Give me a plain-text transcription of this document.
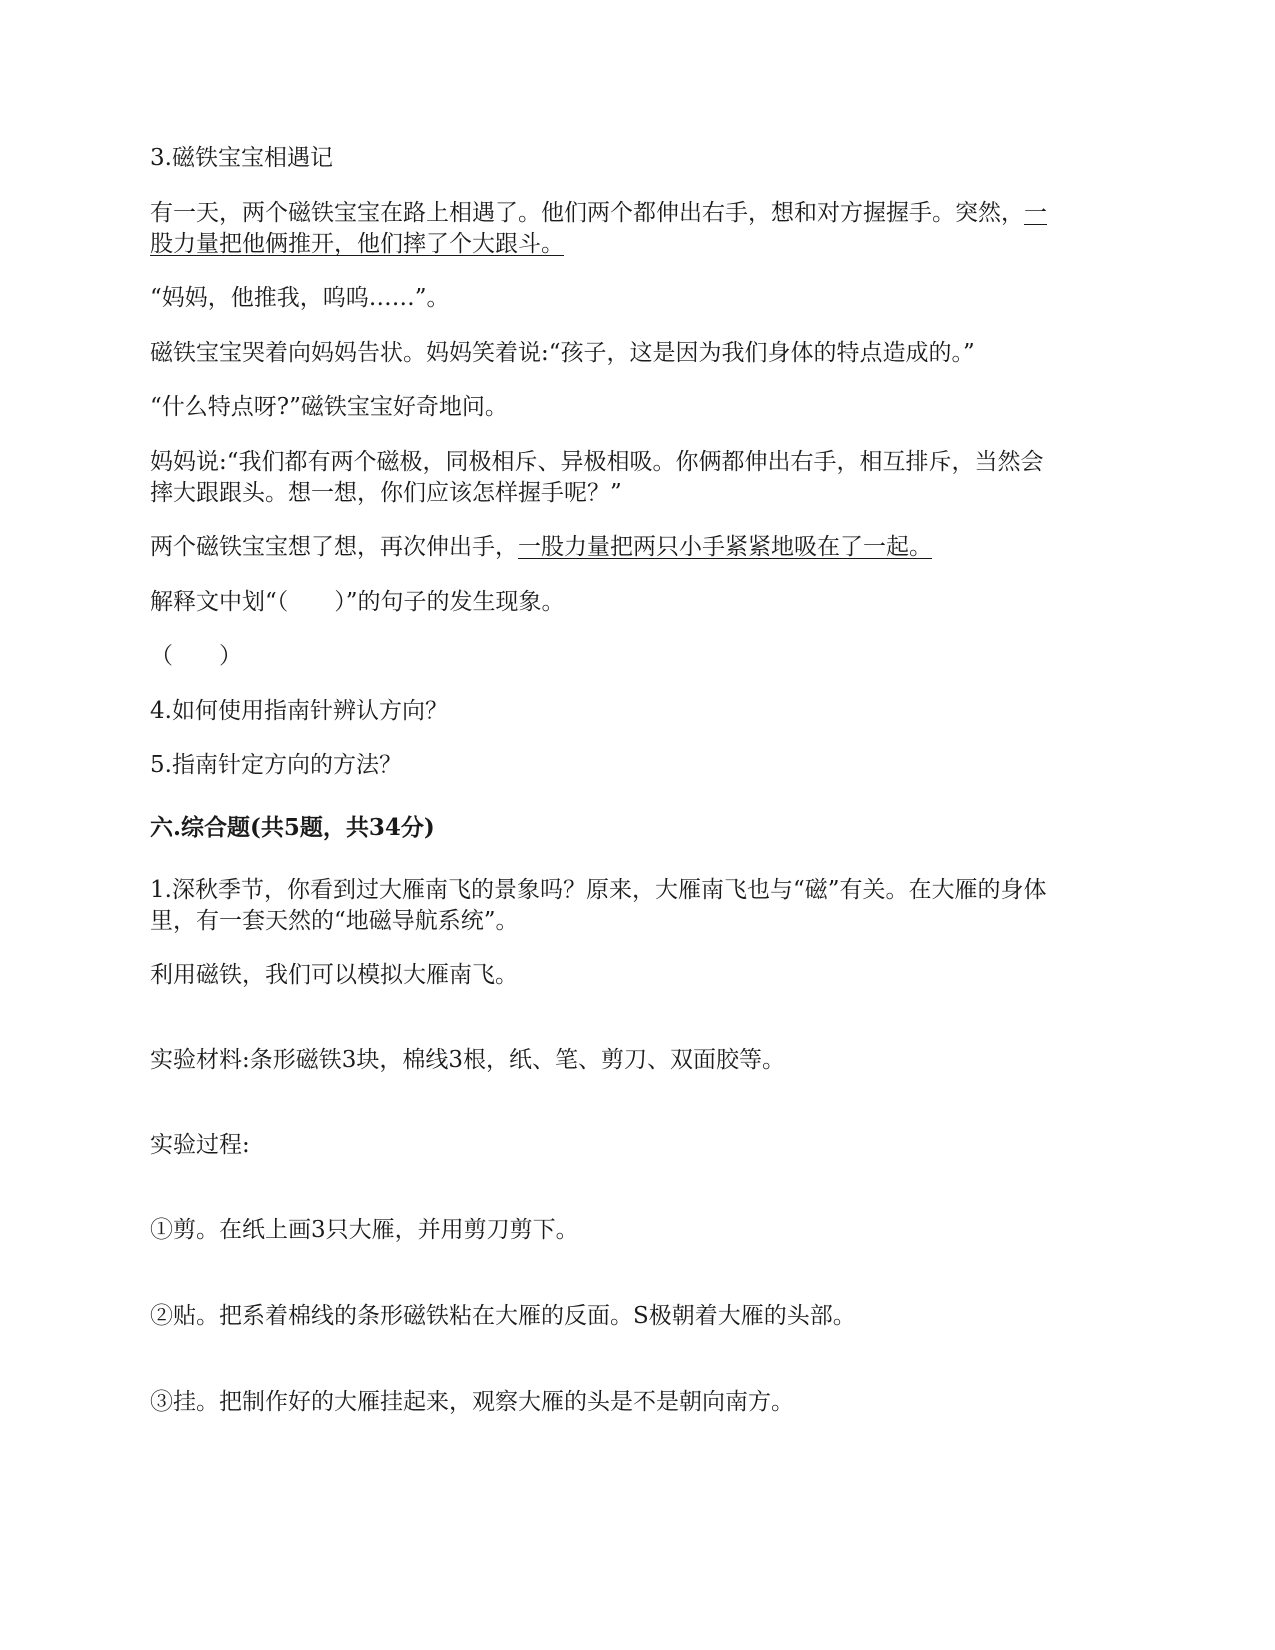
3.磁铁宝宝相遇记
有一天，两个磁铁宝宝在路上相遇了。他们两个都伸出右手，想和对方握握手。突然，一
股力量把他俩推开，他们摔了个大跟斗。
“妈妈，他推我，呜呜……”。
磁铁宝宝哭着向妈妈告状。妈妈笑着说:“孩子，这是因为我们身体的特点造成的。”
“什么特点呀?”磁铁宝宝好奇地问。
妈妈说:“我们都有两个磁极，同极相斥、异极相吸。你俩都伸出右手，相互排斥，当然会
摔大跟跟头。想一想，你们应该怎样握手呢？”
两个磁铁宝宝想了想，再次伸出手，一股力量把两只小手紧紧地吸在了一起。
解释文中划“（　　）”的句子的发生现象。
（　　）
4.如何使用指南针辨认方向？
5.指南针定方向的方法？
六.综合题(共5题，共34分)
1.深秋季节，你看到过大雁南飞的景象吗？原来，大雁南飞也与“磁”有关。在大雁的身体
里，有一套天然的“地磁导航系统”。
利用磁铁，我们可以模拟大雁南飞。
实验材料:条形磁铁3块，棉线3根，纸、笔、剪刀、双面胶等。
实验过程:
①剪。在纸上画3只大雁，并用剪刀剪下。
②贴。把系着棉线的条形磁铁粘在大雁的反面。S极朝着大雁的头部。
③挂。把制作好的大雁挂起来，观察大雁的头是不是朝向南方。
